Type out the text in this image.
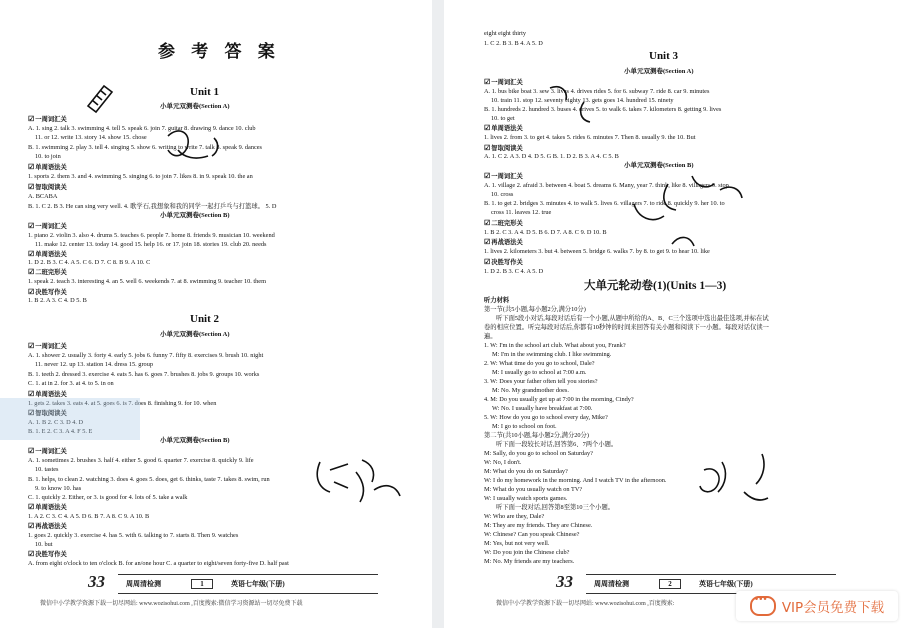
参 考 答 案
Unit 1
小单元双测卷(Section A)
☑ 一周词汇关
A. 1. sing 2. talk 3. swimming 4. tell 5. speak 6. join 7. guitar 8. drawing 9. dance 10. club
11. or 12. write 13. story 14. show 15. chose
B. 1. swimming 2. play 3. tell 4. singing 5. show 6. writing to write 7. talk 8. speak 9. dances
10. to join
☑ 单周语法关
1. sports 2. them 3. and 4. swimming 5. singing 6. to join 7. likes 8. in 9. speak 10. the an
☑ 智取阅读关
A. BCABA
B. 1. C 2. B 3. He can sing very well. 4. 歌学石,我想象和我的同学一起打乒乓与打篮球。 5. D
小单元双测卷(Section B)
☑ 一周词汇关
1. piano 2. violin 3. also 4. drums 5. teaches 6. people 7. home 8. friends 9. musician 10. weekend
11. make 12. center 13. today 14. good 15. help 16. or 17. join 18. stories 19. club 20. needs
☑ 单周语法关
1. D 2. B 3. C 4. A 5. C 6. D 7. C 8. B 9. A 10. C
☑ 二班完形关
1. speak 2. teach 3. interesting 4. an 5. well 6. weekends 7. at 8. swimming 9. teacher 10. them
☑ 决胜写作关
1. B 2. A 3. C 4. D 5. B
Unit 2
小单元双测卷(Section A)
☑ 一周词汇关
A. 1. shower 2. usually 3. forty 4. early 5. jobs 6. funny 7. fifty 8. exercises 9. brush 10. night
11. never 12. up 13. station 14. dress 15. group
B. 1. teeth 2. dressed 3. exercise 4. eats 5. has 6. goes 7. brushes 8. jobs 9. groups 10. works
C. 1. at in 2. for 3. at 4. to 5. in on
☑ 单周语法关
1. gets 2. takes 3. eats 4. at 5. goes 6. is 7. does 8. finishing 9. for 10. when
☑ 智取阅读关
A. 1. B 2. C 3. D 4. D
B. 1. E 2. C 3. A 4. F 5. E
小单元双测卷(Section B)
☑ 一周词汇关
A. 1. sometimes 2. brushes 3. half 4. either 5. good 6. quarter 7. exercise 8. quickly 9. life
10. tastes
B. 1. helps, to clean 2. watching 3. does 4. goes 5. does, get 6. thinks, taste 7. takes 8. swim, run
9. to know 10. has
C. 1. quickly 2. Either, or 3. is good for 4. lots of 5. take a walk
☑ 单周语法关
1. A 2. C 3. C 4. A 5. D 6. B 7. A 8. C 9. A 10. B
☑ 再战语法关
1. goes 2. quickly 3. exercise 4. has 5. with 6. talking to 7. starts 8. Then 9. watches
10. but
☑ 决胜写作关
A. from eight o'clock to ten o'clock B. for an/one hour C. a quarter to eight/seven forty-five D. half past
33	周周清检测	1	英语七年级(下册)
微信中小学教学资源下载一切尽网站: www.wozisohui.com ,百度搜索:微信学习资源站一切尽免费下载
eight eight thirty
1. C 2. B 3. B 4. A 5. D
Unit 3
小单元双测卷(Section A)
☑ 一周词汇关
A. 1. bus bike boat 3. sew 3. lives 4. drives rides 5. for 6. subway 7. ride 8. car 9. minutes
10. train 11. stop 12. seventy eighty 13. gets goes 14. hundred 15. ninety
B. 1. hundreds 2. hundred 3. buses 4. drives 5. to walk 6. takes 7. kilometers 8. getting 9. lives
10. to get
☑ 单周语法关
1. lives 2. from 3. to get 4. takes 5. rides 6. minutes 7. Then 8. usually 9. the 10. But
☑ 智取阅读关
A. 1. C 2. A 3. D 4. D 5. G B. 1. D 2. B 3. A 4. C 5. B
小单元双测卷(Section B)
☑ 一周词汇关
A. 1. village 2. afraid 3. between 4. boat 5. dreams 6. Many, year 7. think, like 8. villagers 9. stop
10. cross
B. 1. to get 2. bridges 3. minutes 4. to walk 5. lives 6. villagers 7. to ride 8. quickly 9. her 10. to
cross 11. leaves 12. true
☑ 二班完形关
1. B 2. C 3. A 4. D 5. B 6. D 7. A 8. C 9. D 10. B
☑ 再战语法关
1. lives 2. kilometers 3. but 4. between 5. bridge 6. walks 7. by 8. to get 9. to hear 10. like
☑ 决胜写作关
1. D 2. B 3. C 4. A 5. D
大单元轮动卷(1)(Units 1—3)
听力材料
第一节(共5小题,每小题2分,满分10分)
听下面5段小对话,每段对话后有一个小题,从题中所给的A、B、C三个选项中选出最佳选项,并标在试
卷的相应位置。听完每段对话后,你都有10秒钟的时间来回答有关小题和阅读下一小题。每段对话仅读一
遍。
1. W: I'm in the school art club. What about you, Frank?
M: I'm in the swimming club. I like swimming.
2. W: What time do you go to school, Dale?
M: I usually go to school at 7:00 a.m.
3. W: Does your father often tell you stories?
M: No. My grandmother does.
4. M: Do you usually get up at 7:00 in the morning, Cindy?
W: No. I usually have breakfast at 7:00.
5. W: How do you go to school every day, Mike?
M: I go to school on foot.
第二节(共10小题,每小题2分,满分20分)
听下面一段较长对话,回答第6、7两个小题。
M: Sally, do you go to school on Saturday?
W: No, I don't.
M: What do you do on Saturday?
W: I do my homework in the morning. And I watch TV in the afternoon.
M: What do you usually watch on TV?
W: I usually watch sports games.
听下面一段对话,回答第8至第10三个小题。
W: Who are they, Dale?
M: They are my friends. They are Chinese.
W: Chinese? Can you speak Chinese?
M: Yes, but not very well.
W: Do you join the Chinese club?
M: No. My friends are my teachers.
33	周周清检测	2	英语七年级(下册)
微信中小学教学资源下载一切尽网站: www.wozisohui.com ,百度搜索:
•••	VIP会员免费下载
